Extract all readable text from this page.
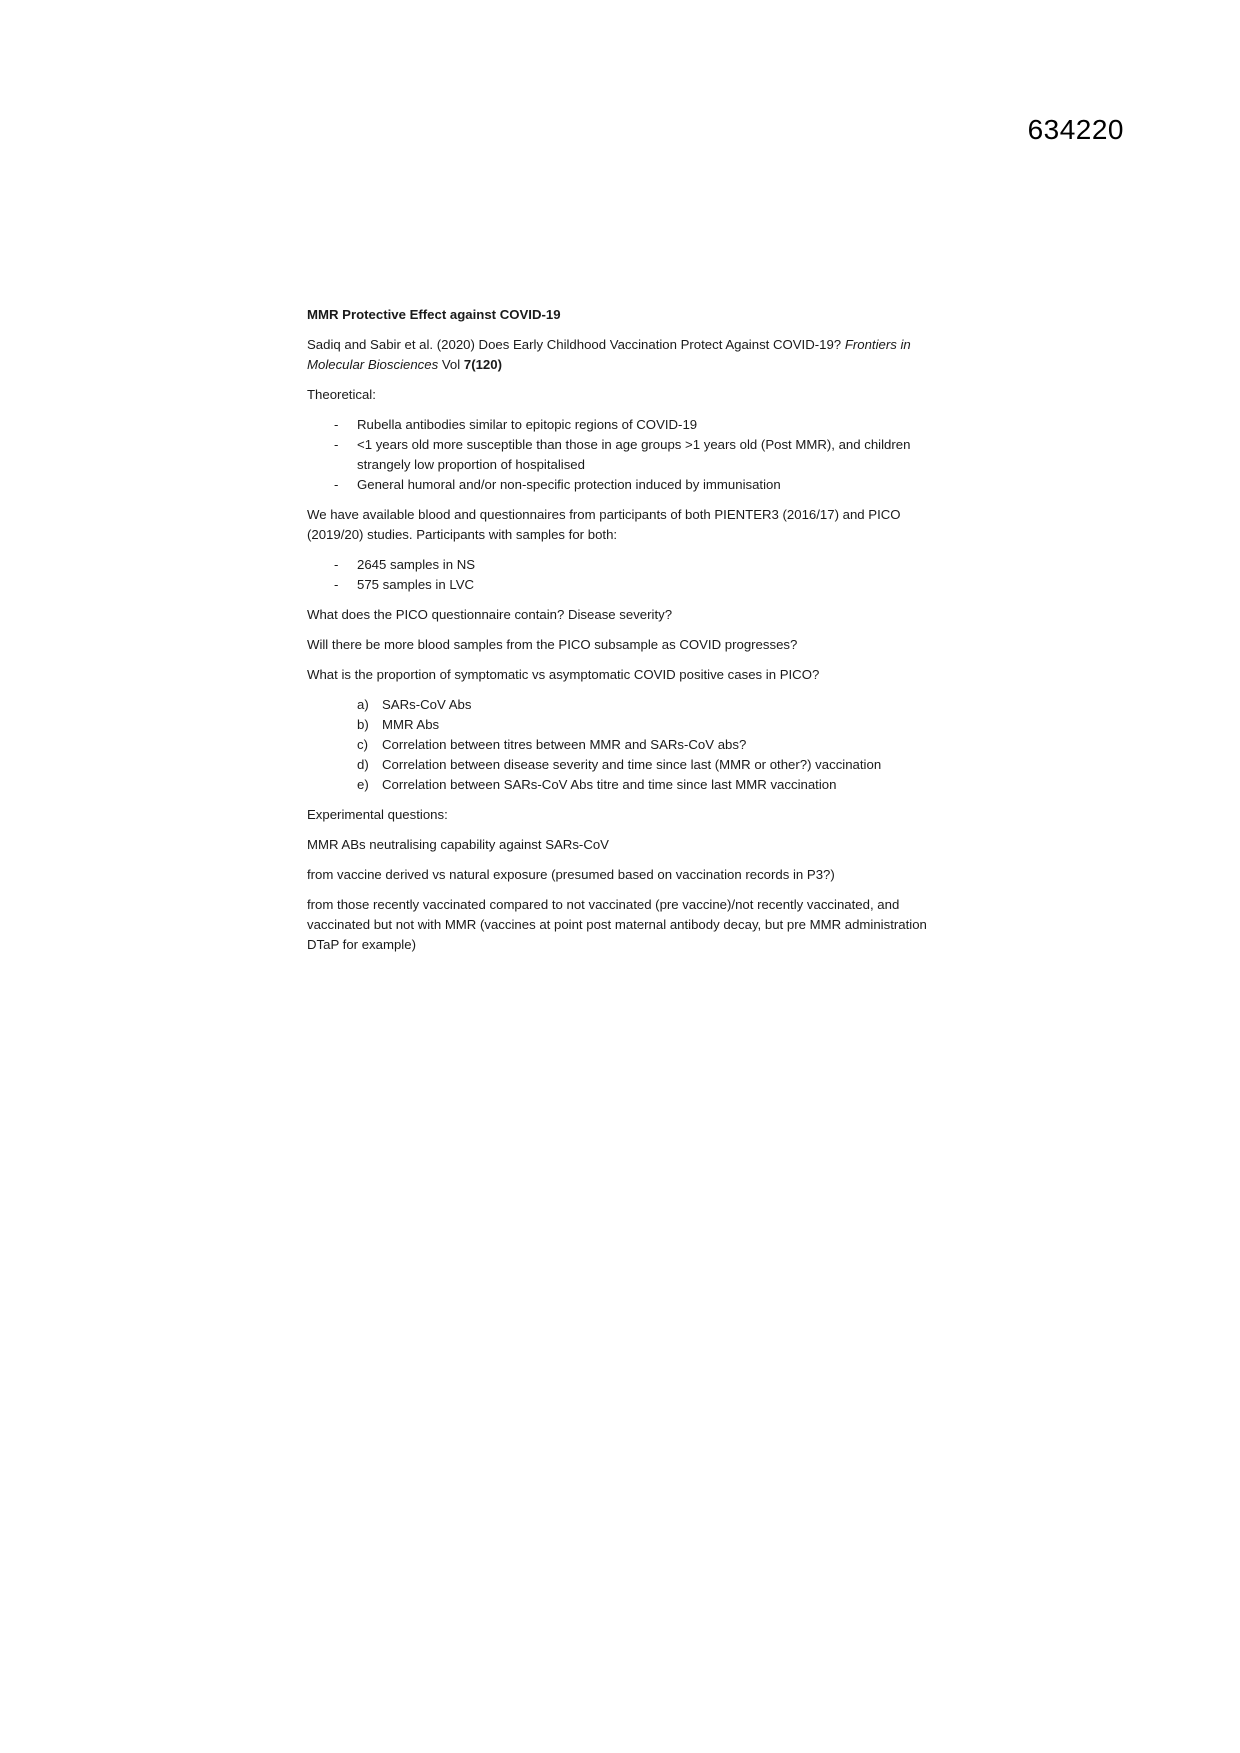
634220

MMR Protective Effect against COVID-19

Sadiq and Sabir et al. (2020) Does Early Childhood Vaccination Protect Against COVID-19? Frontiers in Molecular Biosciences Vol 7(120)

Theoretical:

- Rubella antibodies similar to epitopic regions of COVID-19
- <1 years old more susceptible than those in age groups >1 years old (Post MMR), and children strangely low proportion of hospitalised
- General humoral and/or non-specific protection induced by immunisation

We have available blood and questionnaires from participants of both PIENTER3 (2016/17) and PICO (2019/20) studies. Participants with samples for both:

- 2645 samples in NS
- 575 samples in LVC

What does the PICO questionnaire contain? Disease severity?

Will there be more blood samples from the PICO subsample as COVID progresses?

What is the proportion of symptomatic vs asymptomatic COVID positive cases in PICO?

a) SARs-CoV Abs
b) MMR Abs
c) Correlation between titres between MMR and SARs-CoV abs?
d) Correlation between disease severity and time since last (MMR or other?) vaccination
e) Correlation between SARs-CoV Abs titre and time since last MMR vaccination

Experimental questions:

MMR ABs neutralising capability against SARs-CoV

from vaccine derived vs natural exposure (presumed based on vaccination records in P3?)

from those recently vaccinated compared to not vaccinated (pre vaccine)/not recently vaccinated, and vaccinated but not with MMR (vaccines at point post maternal antibody decay, but pre MMR administration DTaP for example)
